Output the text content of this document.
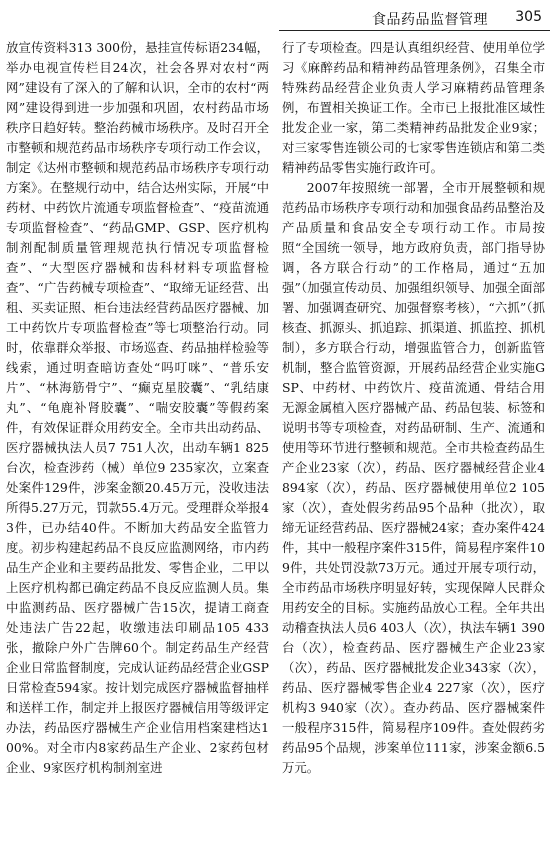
食品药品监督管理 305

放宣传资料313 300份，悬挂宣传标语234幅，举办电视宣传栏目24次，社会各界对农村“两网”建设有了深入的了解和认识，全市的农村“两网”建设得到进一步加强和巩固，农村药品市场秩序日趋好转。整治药械市场秩序。及时召开全市整顿和规范药品市场秩序专项行动工作会议，制定《达州市整顿和规范药品市场秩序专项行动方案》。在整规行动中，结合达州实际，开展“中药材、中药饮片流通专项监督检查”、“疫苗流通专项监督检查”、“药品GMP、GSP、医疗机构制剂配制质量管理规范执行情况专项监督检查”、“大型医疗器械和齿科材料专项监督检查”、“广告药械专项检查”、“取缔无证经营、出租、买卖证照、柜台违法经营药品医疗器械、加工中药饮片专项监督检查”等七项整治行动。同时，依靠群众举报、市场巡查、药品抽样检验等线索，通过明查暗访查处“吗叮咪”、“普乐安片”、“林海筋骨宁”、“癫克星胶囊”、“乳结康丸”、“龟鹿补肾胶囊”、“喘安胶囊”等假药案件，有效保证群众用药安全。全市共出动药品、医疗器械执法人员7 751人次，出动车辆1 825台次，检查涉药（械）单位9 235家次，立案查处案件129件，涉案金额20.45万元，没收违法所得5.27万元，罚款55.4万元。受理群众举报43件，已办结40件。不断加大药品安全监管力度。初步构建起药品不良反应监测网络，市内药品生产企业和主要药品批发、零售企业，二甲以上医疗机构都已确定药品不良反应监测人员。集中监测药品、医疗器械广告15次，提请工商查处违法广告22起，收缴违法印刷品105 433张，撤除户外广告牌60个。制定药品生产经营企业日常监督制度，完成认证药品经营企业GSP日常检查594家。按计划完成医疗器械监督抽样和送样工作，制定并上报医疗器械信用等级评定办法，药品医疗器械生产企业信用档案建档达100%。对全市内8家药品生产企业、2家药包材企业、9家医疗机构制剂室进

行了专项检查。四是认真组织经营、使用单位学习《麻醉药品和精神药品管理条例》，召集全市特殊药品经营企业负责人学习麻精药品管理条例，布置相关换证工作。全市已上报批准区域性批发企业一家，第二类精神药品批发企业9家；对三家零售连锁公司的七家零售连锁店和第二类精神药品零售实施行政许可。

2007年按照统一部署，全市开展整顿和规范药品市场秩序专项行动和加强食品药品整治及产品质量和食品安全专项行动工作。市局按照“全国统一领导，地方政府负责，部门指导协调，各方联合行动”的工作格局，通过“五加强”（加强宣传动员、加强组织领导、加强全面部署、加强调查研究、加强督察考核），“六抓”（抓核查、抓源头、抓追踪、抓渠道、抓监控、抓机制），多方联合行动，增强监管合力，创新监管机制，整合监管资源，开展药品经营企业实施GSP、中药材、中药饮片、疫苗流通、骨结合用无源金属植入医疗器械产品、药品包装、标签和说明书等专项检查，对药品研制、生产、流通和使用等环节进行整顿和规范。全市共检查药品生产企业23家（次），药品、医疗器械经营企业4 894家（次），药品、医疗器械使用单位2 105家（次），查处假劣药品95个品种（批次），取缔无证经营药品、医疗器械24家；查办案件424件，其中一般程序案件315件，简易程序案件109件，共处罚没款73万元。通过开展专项行动，全市药品市场秩序明显好转，实现保障人民群众用药安全的目标。实施药品放心工程。全年共出动稽查执法人员6 403人（次），执法车辆1 390台（次），检查药品、医疗器械生产企业23家（次），药品、医疗器械批发企业343家（次），药品、医疗器械零售企业4 227家（次），医疗机构3 940家（次）。查办药品、医疗器械案件一般程序315件，简易程序109件。查处假药劣药品95个品规，涉案单位111家，涉案金额6.5万元。
